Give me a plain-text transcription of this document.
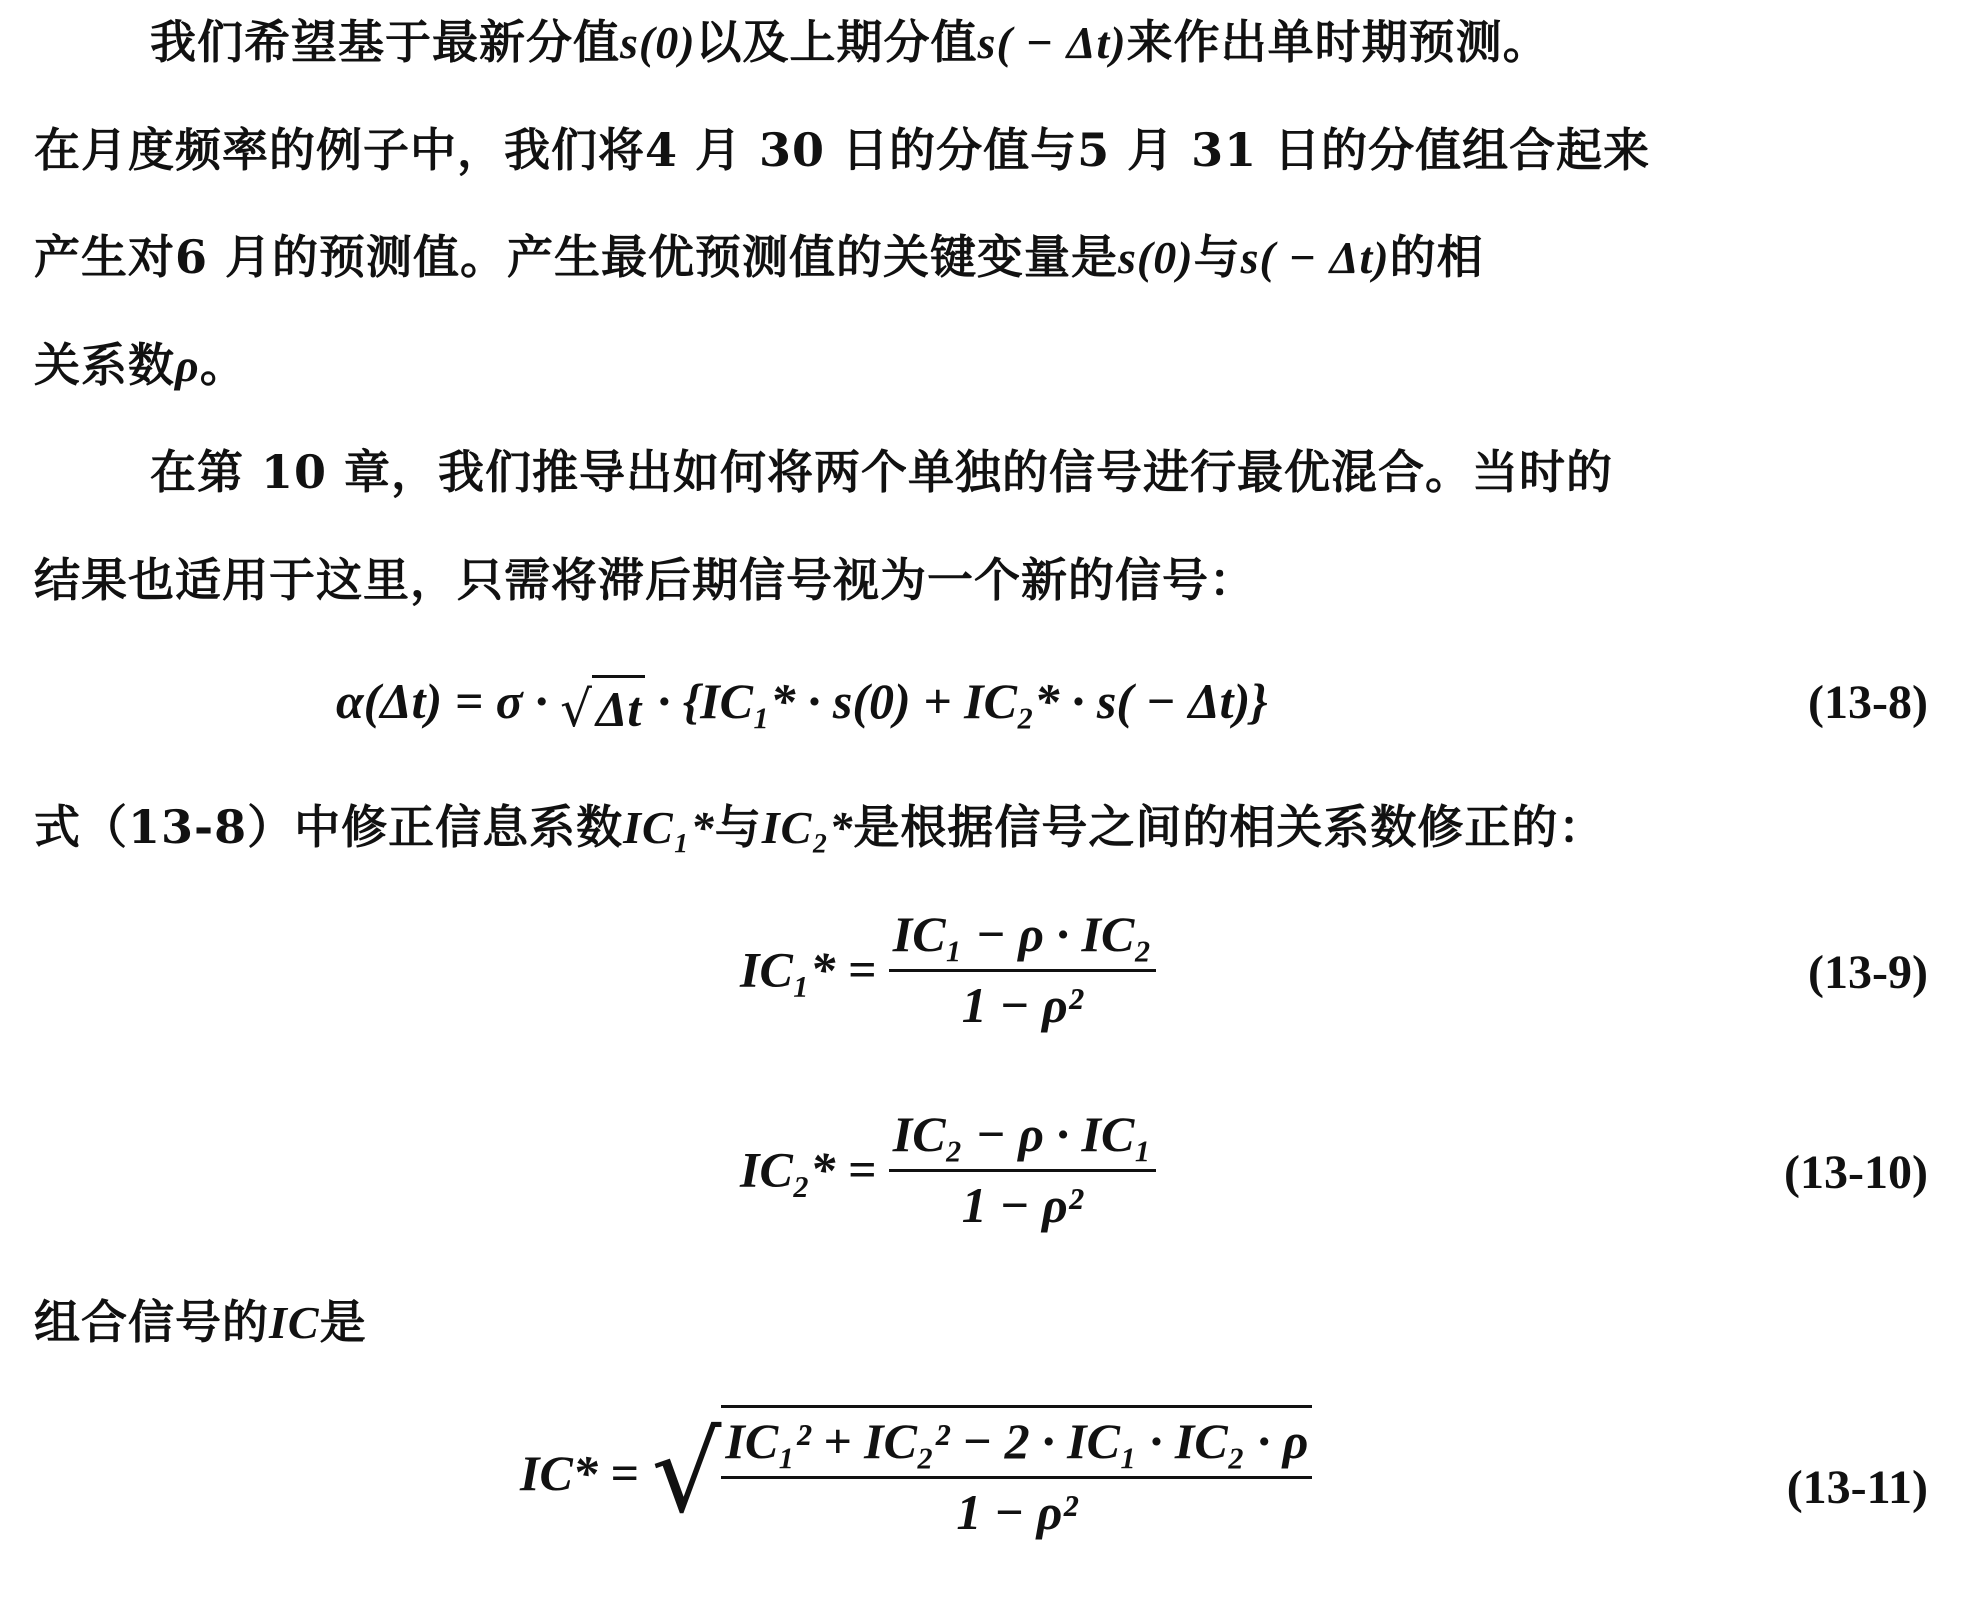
我们希望基于最新分值s(0)以及上期分值s( − Δt)来作出单时期预测。
在月度频率的例子中，我们将4 月 30 日的分值与5 月 31 日的分值组合起来
产生对6 月的预测值。产生最优预测值的关键变量是s(0)与s( − Δt)的相
关系数ρ。
在第 10 章，我们推导出如何将两个单独的信号进行最优混合。当时的
结果也适用于这里，只需将滞后期信号视为一个新的信号：
α(Δt) = σ · √Δt · {IC₁* · s(0) + IC₂* · s( − Δt)}	(13-8)
式（13-8）中修正信息系数IC₁*与IC₂*是根据信号之间的相关系数修正的：
$IC_1* = \frac{\text{IC₁ − ρ · IC₂}}{\text{1 − ρ²}}$	(13-9)
$IC_2* = \frac{\text{IC₂ − ρ · IC₁}}{\text{1 − ρ²}}$	(13-10)
组合信号的IC是
IC* = √ $\frac{\text{IC₁² + IC₂² − 2 · IC₁ · IC₂ · ρ}}{\text{1 − ρ²}}$	(13-11)
